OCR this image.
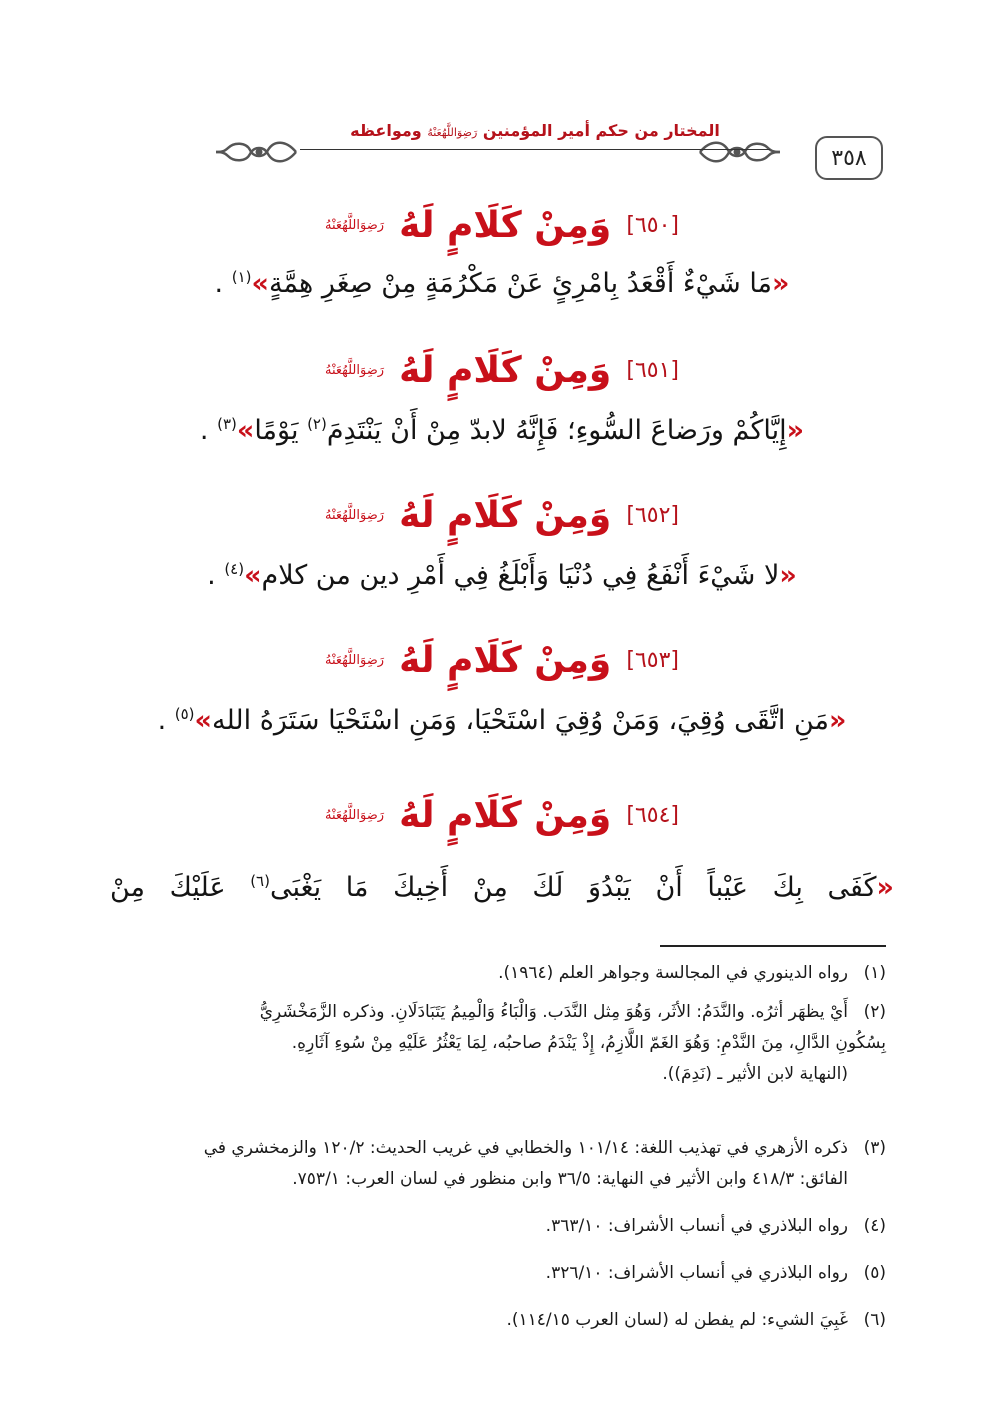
٣٥٨
المختار من حكم أمير المؤمنين رَضِوَاللَّهُعَنْهُ ومواعظه
[٦٥٠] وَمِنْ كَلَامٍ لَهُ رَضِوَاللَّهُعَنْهُ
«مَا شَيْءٌ أَقْعَدُ بِامْرِئٍ عَنْ مَكْرُمَةٍ مِنْ صِغَرِ هِمَّةٍ»$^{(١)}$ .
[٦٥١] وَمِنْ كَلَامٍ لَهُ رَضِوَاللَّهُعَنْهُ
«إِيَّاكُمْ ورَضاعَ السُّوءِ؛ فَإِنَّهُ لابدّ مِنْ أَنْ يَنْتَدِمَ$^{(٢)}$ يَوْمًا»$^{(٣)}$ .
[٦٥٢] وَمِنْ كَلَامٍ لَهُ رَضِوَاللَّهُعَنْهُ
«لا شَيْءَ أَنْفَعُ فِي دُنْيَا وَأَبْلَغُ فِي أَمْرِ دين من كلام»$^{(٤)}$ .
[٦٥٣] وَمِنْ كَلَامٍ لَهُ رَضِوَاللَّهُعَنْهُ
«مَنِ اتَّقَى وُقِيَ، وَمَنْ وُقِيَ اسْتَحْيَا، وَمَنِ اسْتَحْيَا سَتَرَهُ الله»$^{(٥)}$ .
[٦٥٤] وَمِنْ كَلَامٍ لَهُ رَضِوَاللَّهُعَنْهُ
«كَفَى بِكَ عَيْباً أَنْ يَبْدُوَ لَكَ مِنْ أَخِيكَ مَا يَغْبَى$^{(٦)}$ عَلَيْكَ مِنْ
(١)رواه الدينوري في المجالسة وجواهر العلم (١٩٦٤).
(٢)أَيْ يظهَر أثرُه. والنَّدَمُ: الأثَر، وَهُوَ مِثل النَّدَب. وَالْبَاءُ وَالْمِيمُ يَتَبَادَلَانِ. وذكره الزَّمَخْشَرِيُّ
بِسُكُونِ الدَّالِ، مِنَ النَّدْمِ: وَهُوَ الغَمّ اللَّازِمُ، إِذْ يَنْدَمُ صاحبُه، لِمَا يَعْثُرُ عَلَيْهِ مِنْ سُوءِ آثَارِهِ.
(النهاية لابن الأثير ـ (نَدِمَ)).
(٣)ذكره الأزهري في تهذيب اللغة: ١٠١/١٤ والخطابي في غريب الحديث: ١٢٠/٢ والزمخشري في
الفائق: ٤١٨/٣ وابن الأثير في النهاية: ٣٦/٥ وابن منظور في لسان العرب: ٧٥٣/١.
(٤)رواه البلاذري في أنساب الأشراف: ٣٦٣/١٠.
(٥)رواه البلاذري في أنساب الأشراف: ٣٢٦/١٠.
(٦)غَبِيَ الشيء: لم يفطن له (لسان العرب ١١٤/١٥).
